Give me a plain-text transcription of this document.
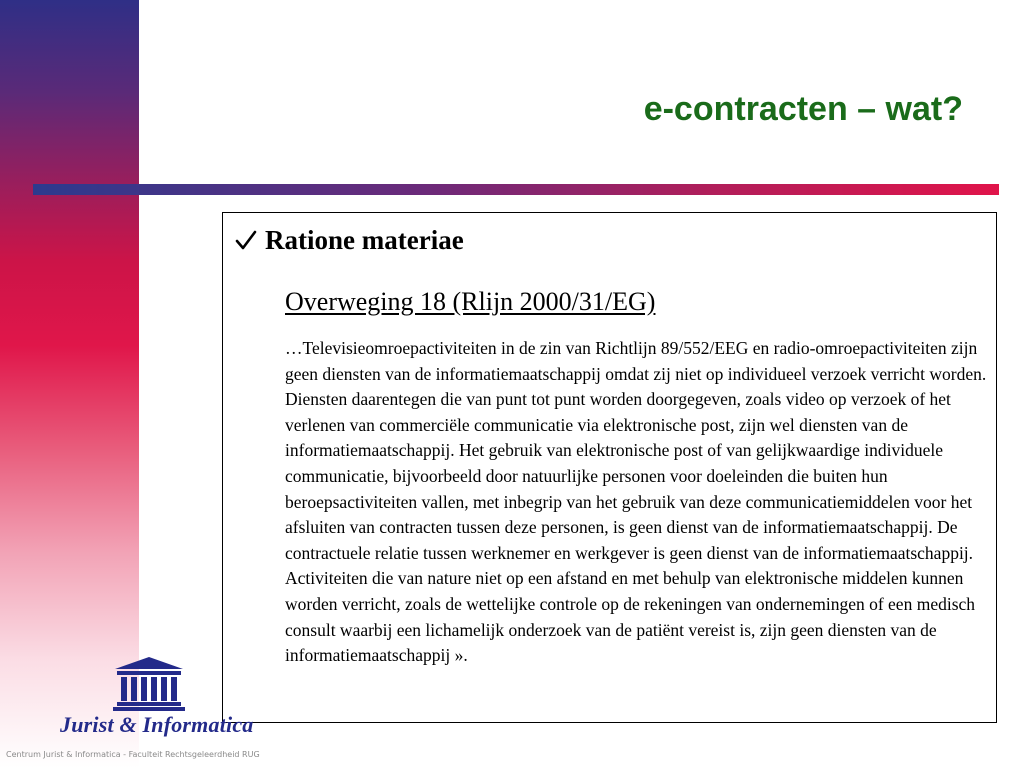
e-contracten – wat?
Ratione materiae
Overweging 18 (Rlijn 2000/31/EG)

…Televisieomroepactiviteiten in de zin van Richtlijn 89/552/EEG en radio-omroepactiviteiten zijn geen diensten van de informatiemaatschappij omdat zij niet op individueel verzoek verricht worden. Diensten daarentegen die van punt tot punt worden doorgegeven, zoals video op verzoek of het verlenen van commerciële communicatie via elektronische post, zijn wel diensten van de informatiemaatschappij. Het gebruik van elektronische post of van gelijkwaardige individuele communicatie, bijvoorbeeld door natuurlijke personen voor doeleinden die buiten hun beroepsactiviteiten vallen, met inbegrip van het gebruik van deze communicatiemiddelen voor het afsluiten van contracten tussen deze personen, is geen dienst van de informatiemaatschappij. De contractuele relatie tussen werknemer en werkgever is geen dienst van de informatiemaatschappij. Activiteiten die van nature niet op een afstand en met behulp van elektronische middelen kunnen worden verricht, zoals de wettelijke controle op de rekeningen van ondernemingen of een medisch consult waarbij een lichamelijk onderzoek van de patiënt vereist is, zijn geen diensten van de informatiemaatschappij ».

Jurist & Informatica
Centrum Jurist & Informatica - Faculteit Rechtsgeleerdheid RUG
